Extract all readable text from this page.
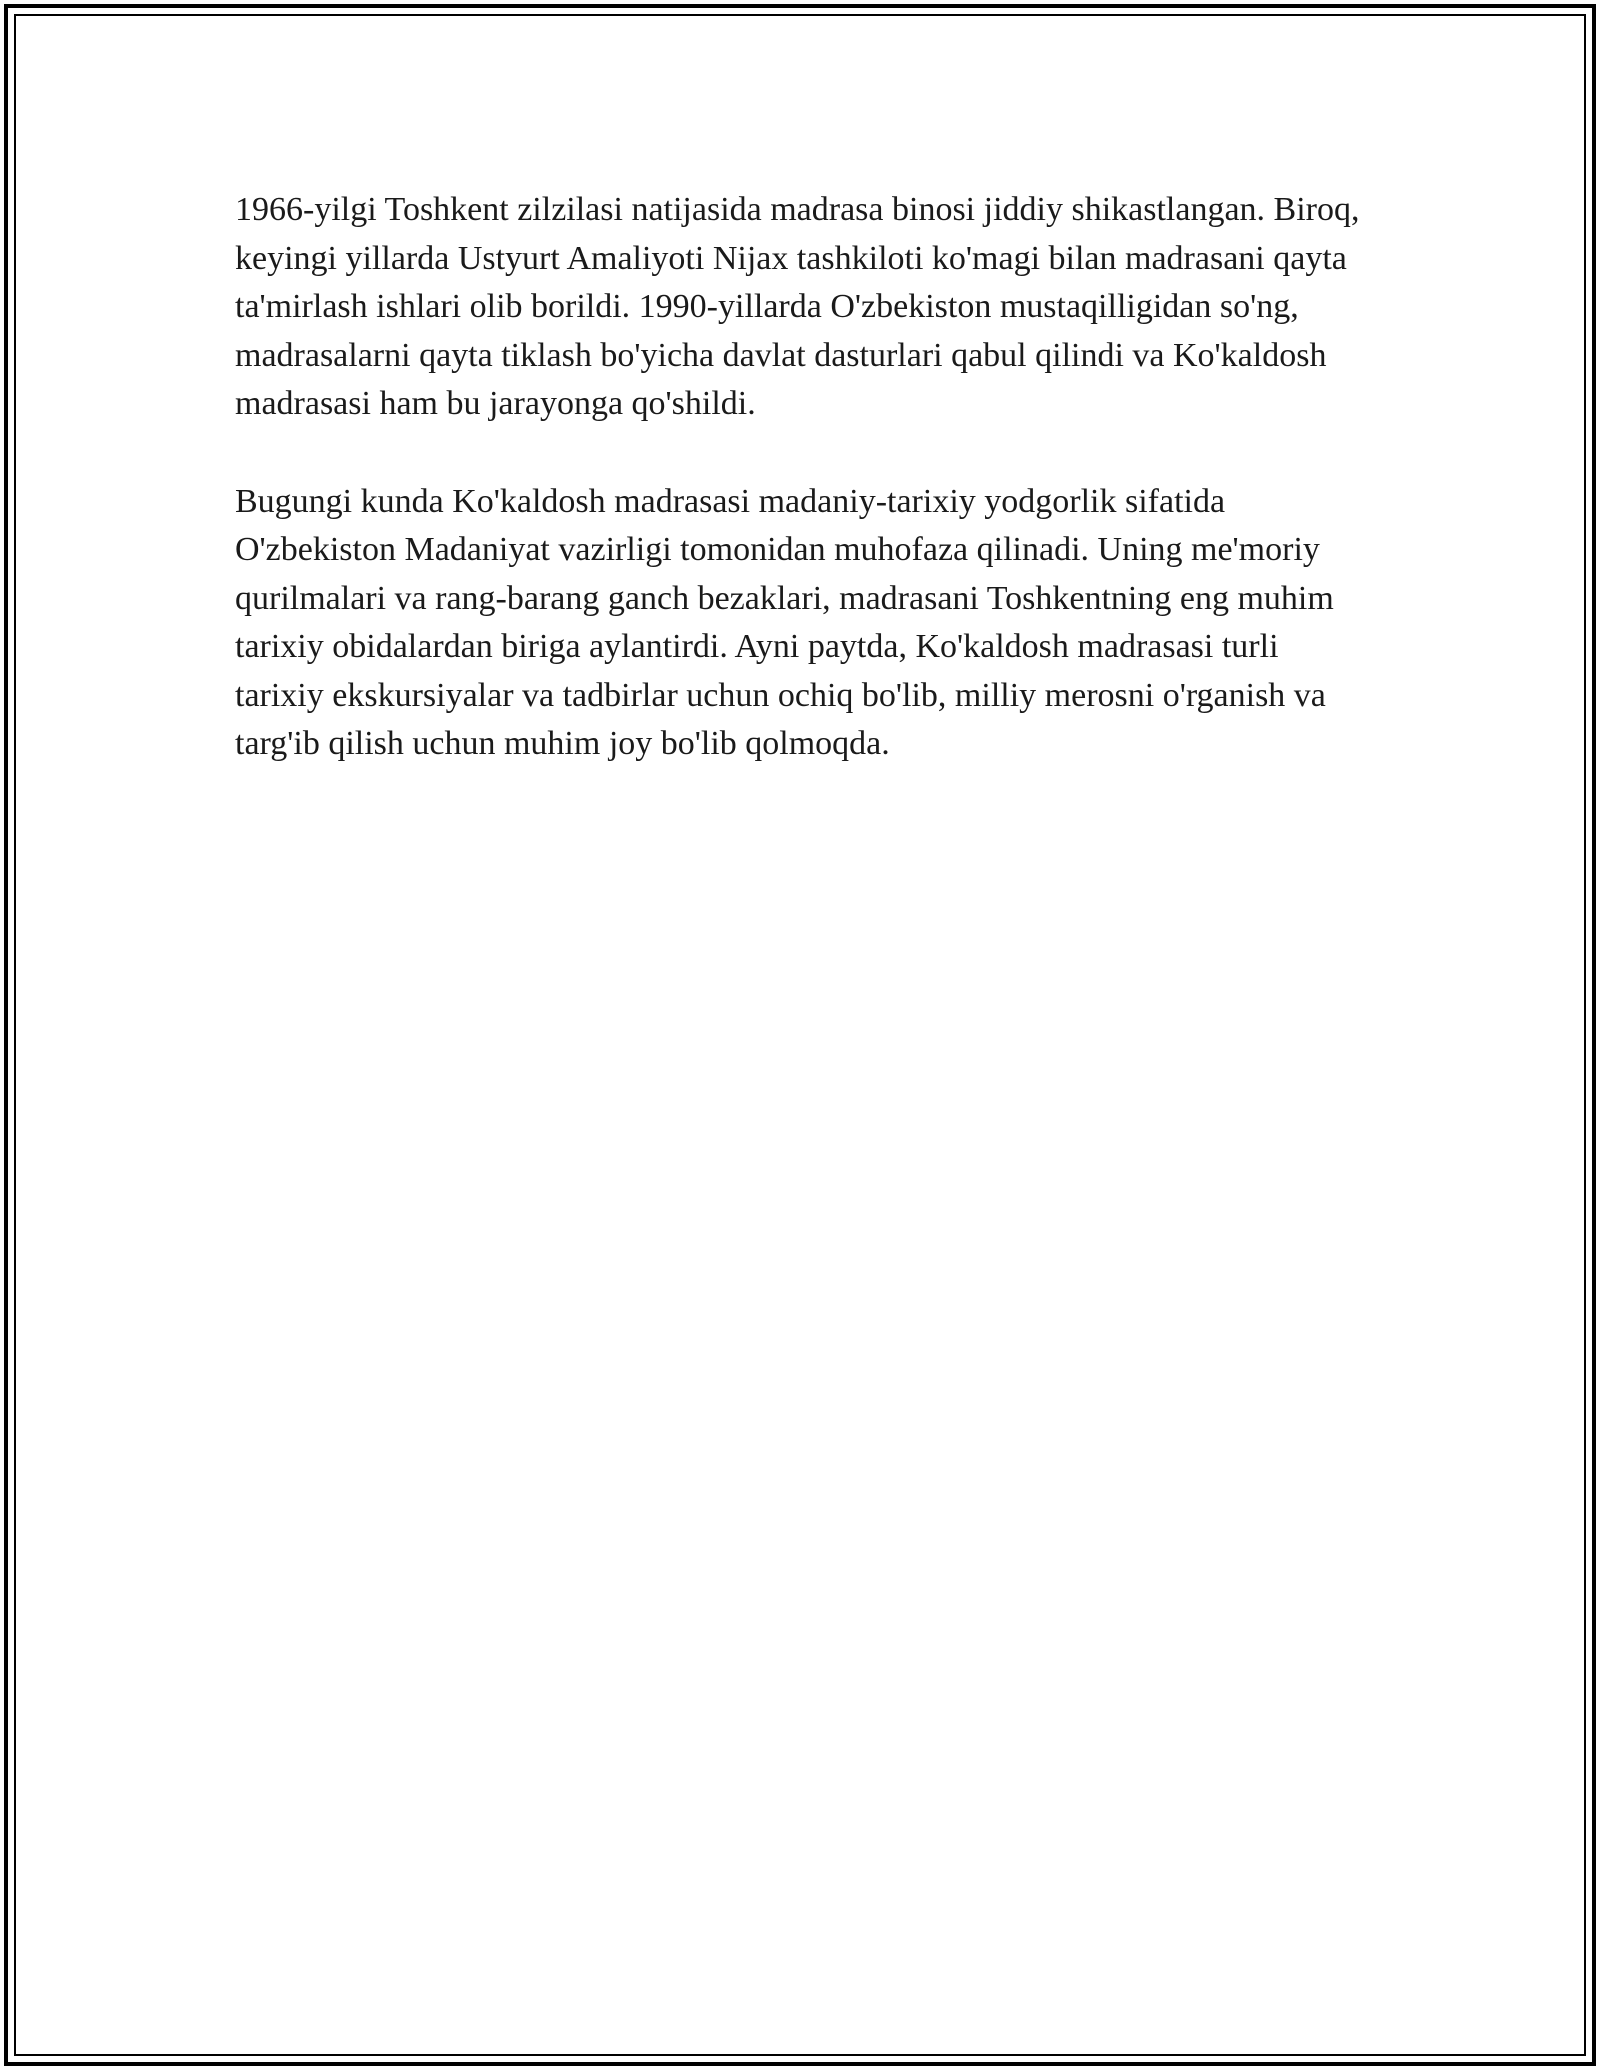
1966-yilgi Toshkent zilzilasi natijasida madrasa binosi jiddiy shikastlangan. Biroq, keyingi yillarda Ustyurt Amaliyoti Nijax tashkiloti ko'magi bilan madrasani qayta ta'mirlash ishlari olib borildi. 1990-yillarda O'zbekiston mustaqilligidan so'ng, madrasalarni qayta tiklash bo'yicha davlat dasturlari qabul qilindi va Ko'kaldosh madrasasi ham bu jarayonga qo'shildi.

Bugungi kunda Ko'kaldosh madrasasi madaniy-tarixiy yodgorlik sifatida O'zbekiston Madaniyat vazirligi tomonidan muhofaza qilinadi. Uning me'moriy qurilmalari va rang-barang ganch bezaklari, madrasani Toshkentning eng muhim tarixiy obidalardan biriga aylantirdi. Ayni paytda, Ko'kaldosh madrasasi turli tarixiy ekskursiyalar va tadbirlar uchun ochiq bo'lib, milliy merosni o'rganish va targ'ib qilish uchun muhim joy bo'lib qolmoqda.
